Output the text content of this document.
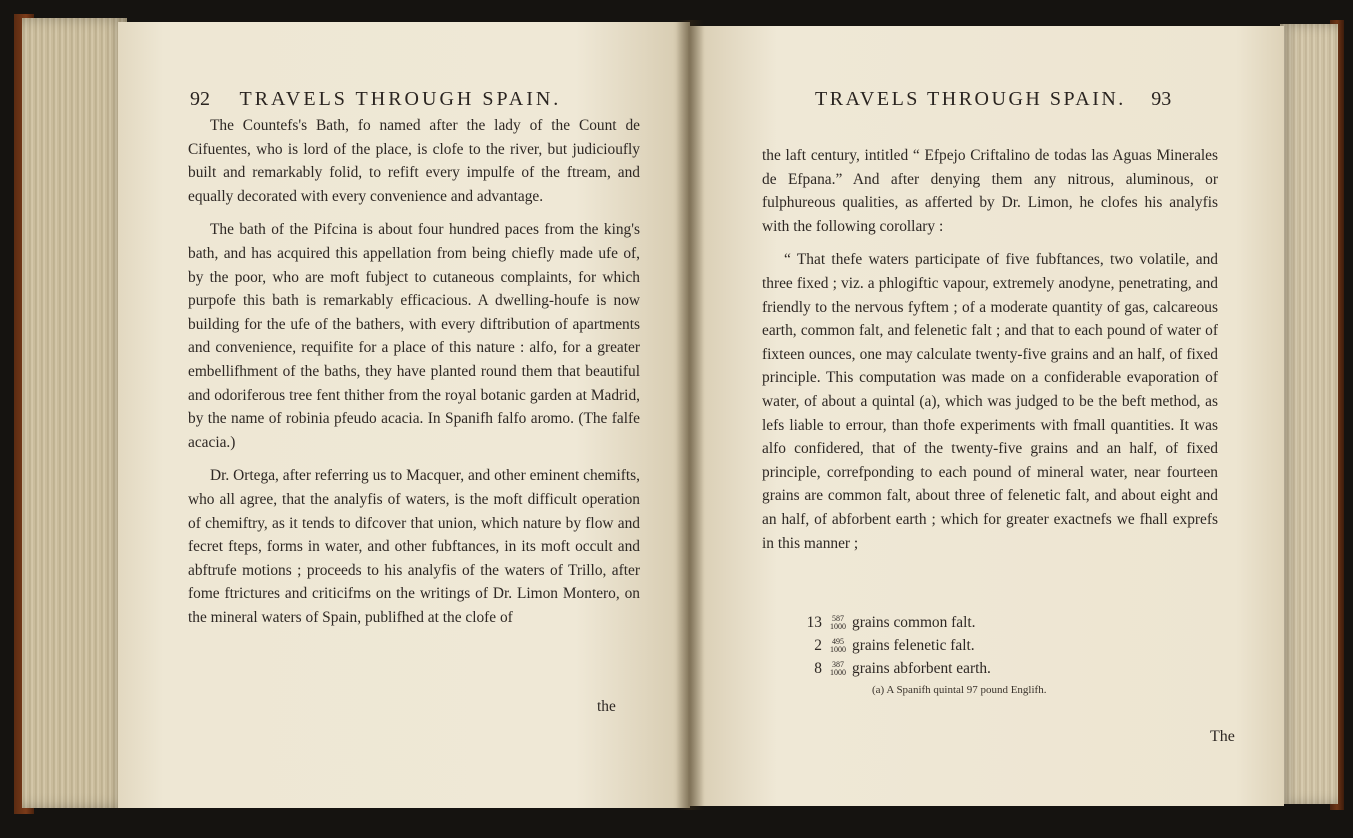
92 TRAVELS THROUGH SPAIN.

The Countefs's Bath, fo named after the lady of the Count de Cifuentes, who is lord of the place, is clofe to the river, but judicioufly built and remarkably folid, to refift every impulfe of the ftream, and equally decorated with every convenience and advantage.

The bath of the Pifcina is about four hundred paces from the king's bath, and has acquired this appellation from being chiefly made ufe of, by the poor, who are moft fubject to cutaneous complaints, for which purpofe this bath is remarkably efficacious. A dwelling-houfe is now building for the ufe of the bathers, with every diftribution of apartments and convenience, requifite for a place of this nature : alfo, for a greater embellifhment of the baths, they have planted round them that beautiful and odoriferous tree fent thither from the royal botanic garden at Madrid, by the name of robinia pfeudo acacia. In Spanifh falfo aromo. (The falfe acacia.)

Dr. Ortega, after referring us to Macquer, and other eminent chemifts, who all agree, that the analyfis of waters, is the moft difficult operation of chemiftry, as it tends to difcover that union, which nature by flow and fecret fteps, forms in water, and other fubftances, in its moft occult and abftrufe motions ; proceeds to his analyfis of the waters of Trillo, after fome ftrictures and criticifms on the writings of Dr. Limon Montero, on the mineral waters of Spain, publifhed at the clofe of

the
TRAVELS THROUGH SPAIN. 93

the laft century, intitled “ Efpejo Criftalino de todas las Aguas Minerales de Efpana.” And after denying them any nitrous, aluminous, or fulphureous qualities, as afferted by Dr. Limon, he clofes his analyfis with the following corollary :

“ That thefe waters participate of five fubftances, two volatile, and three fixed ; viz. a phlogiftic vapour, extremely anodyne, penetrating, and friendly to the nervous fyftem ; of a moderate quantity of gas, calcareous earth, common falt, and felenetic falt ; and that to each pound of water of fixteen ounces, one may calculate twenty-five grains and an half, of fixed principle. This computation was made on a confiderable evaporation of water, of about a quintal (a), which was judged to be the beft method, as lefs liable to errour, than thofe experiments with fmall quantities. It was alfo confidered, that of the twenty-five grains and an half, of fixed principle, correfponding to each pound of mineral water, near fourteen grains are common falt, about three of felenetic falt, and about eight and an half, of abforbent earth ; which for greater exactnefs we fhall exprefs in this manner ;

13 587
1000 grains common falt.
2 495
1000 grains felenetic falt.
8 387
1000 grains abforbent earth.
(a) A Spanifh quintal 97 pound Englifh.
The
